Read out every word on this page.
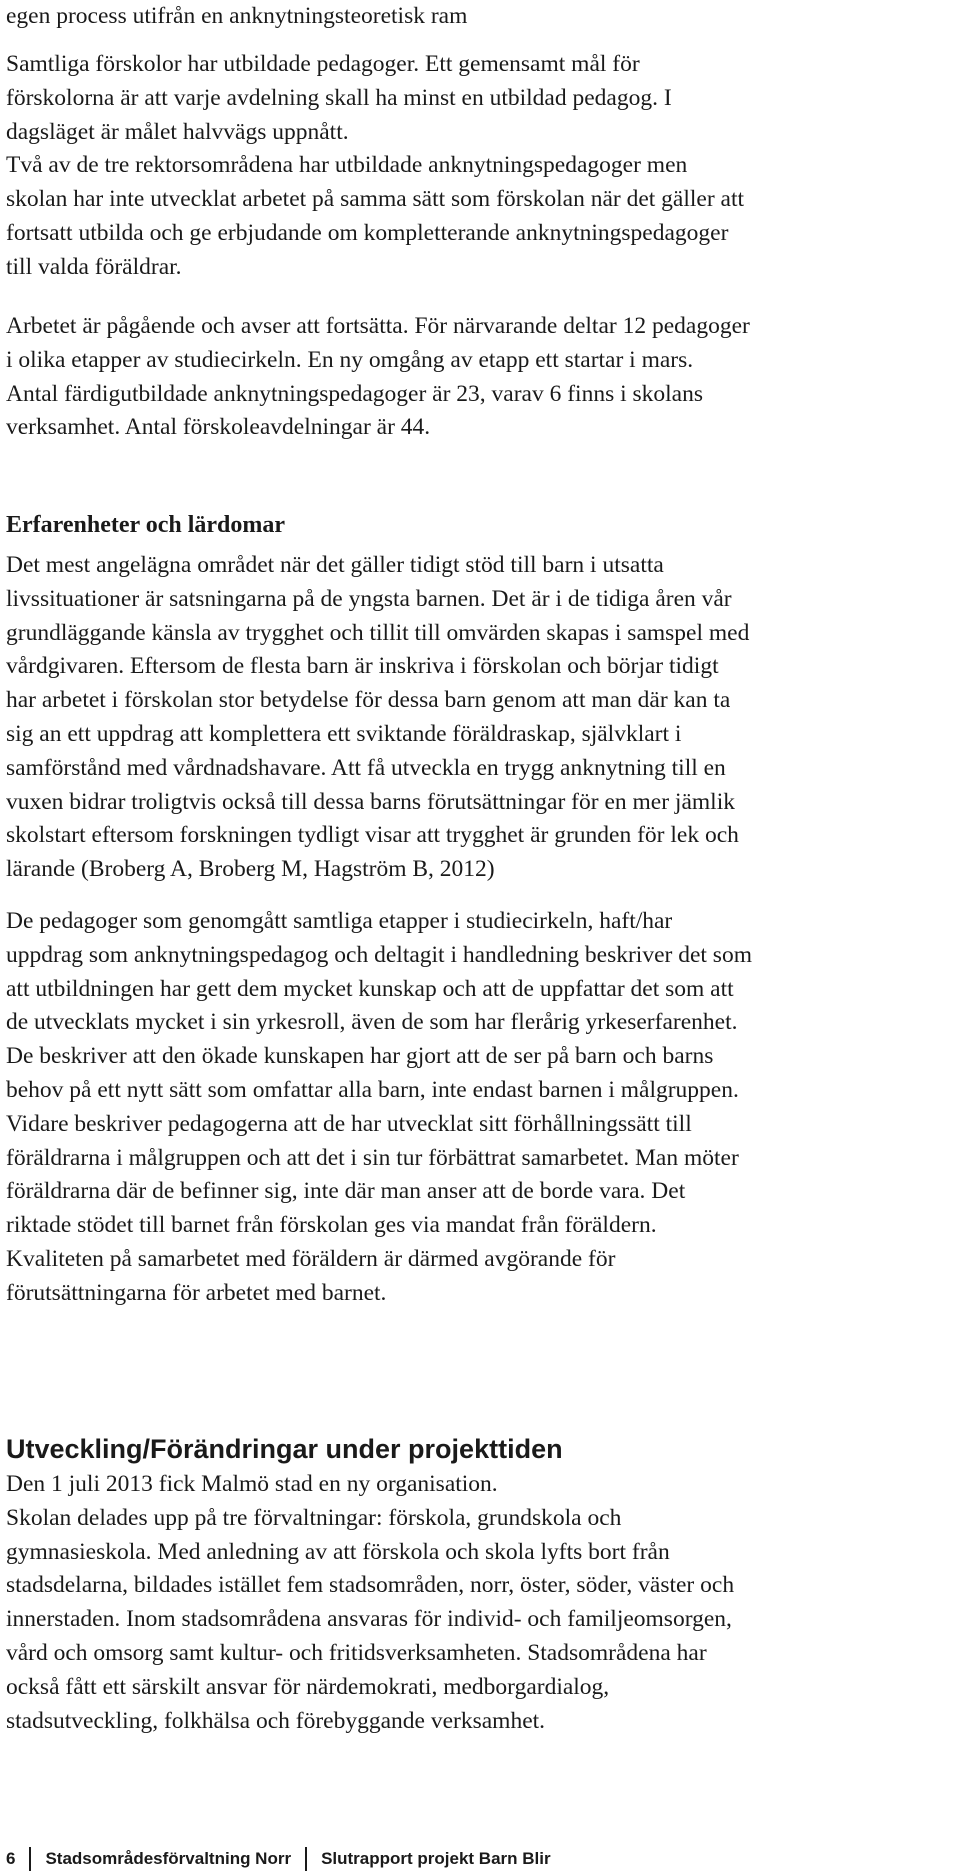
egen process utifrån en anknytningsteoretisk ram
Samtliga förskolor har utbildade pedagoger. Ett gemensamt mål för
förskolorna är att varje avdelning skall ha minst en utbildad pedagog. I
dagsläget är målet halvvägs uppnått.
Två av de tre rektorsområdena har utbildade anknytningspedagoger men
skolan har inte utvecklat arbetet på samma sätt som förskolan när det gäller att
fortsatt utbilda och ge erbjudande om kompletterande anknytningspedagoger
till valda föräldrar.
Arbetet är pågående och avser att fortsätta. För närvarande deltar 12 pedagoger
i olika etapper av studiecirkeln. En ny omgång av etapp ett startar i mars.
Antal färdigutbildade anknytningspedagoger är 23, varav 6 finns i skolans
verksamhet. Antal förskoleavdelningar är 44.
Erfarenheter och lärdomar
Det mest angelägna området när det gäller tidigt stöd till barn i utsatta
livssituationer är satsningarna på de yngsta barnen. Det är i de tidiga åren vår
grundläggande känsla av trygghet och tillit till omvärden skapas i samspel med
vårdgivaren. Eftersom de flesta barn är inskriva i förskolan och börjar tidigt
har arbetet i förskolan stor betydelse för dessa barn genom att man där kan ta
sig an ett uppdrag att komplettera ett sviktande föräldraskap, självklart i
samförstånd med vårdnadshavare. Att få utveckla en trygg anknytning till en
vuxen bidrar troligtvis också till dessa barns förutsättningar för en mer jämlik
skolstart eftersom forskningen tydligt visar att trygghet är grunden för lek och
lärande (Broberg A, Broberg M, Hagström B, 2012)
De pedagoger som genomgått samtliga etapper i studiecirkeln, haft/har
uppdrag som anknytningspedagog och deltagit i handledning beskriver det som
att utbildningen har gett dem mycket kunskap och att de uppfattar det som att
de utvecklats mycket i sin yrkesroll, även de som har flerårig yrkeserfarenhet.
De beskriver att den ökade kunskapen har gjort att de ser på barn och barns
behov på ett nytt sätt som omfattar alla barn, inte endast barnen i målgruppen.
Vidare beskriver pedagogerna att de har utvecklat sitt förhållningssätt till
föräldrarna i målgruppen och att det i sin tur förbättrat samarbetet. Man möter
föräldrarna där de befinner sig, inte där man anser att de borde vara. Det
riktade stödet till barnet från förskolan ges via mandat från föräldern.
Kvaliteten på samarbetet med föräldern är därmed avgörande för
förutsättningarna för arbetet med barnet.
Utveckling/Förändringar under projekttiden
Den 1 juli 2013 fick Malmö stad en ny organisation.
Skolan delades upp på tre förvaltningar: förskola, grundskola och
gymnasieskola. Med anledning av att förskola och skola lyfts bort från
stadsdelarna, bildades istället fem stadsområden, norr, öster, söder, väster och
innerstaden. Inom stadsområdena ansvaras för individ- och familjeomsorgen,
vård och omsorg samt kultur- och fritidsverksamheten. Stadsområdena har
också fått ett särskilt ansvar för närdemokrati, medborgardialog,
stadsutveckling, folkhälsa och förebyggande verksamhet.
6 Stadsområdesförvaltning Norr Slutrapport projekt Barn Blir
